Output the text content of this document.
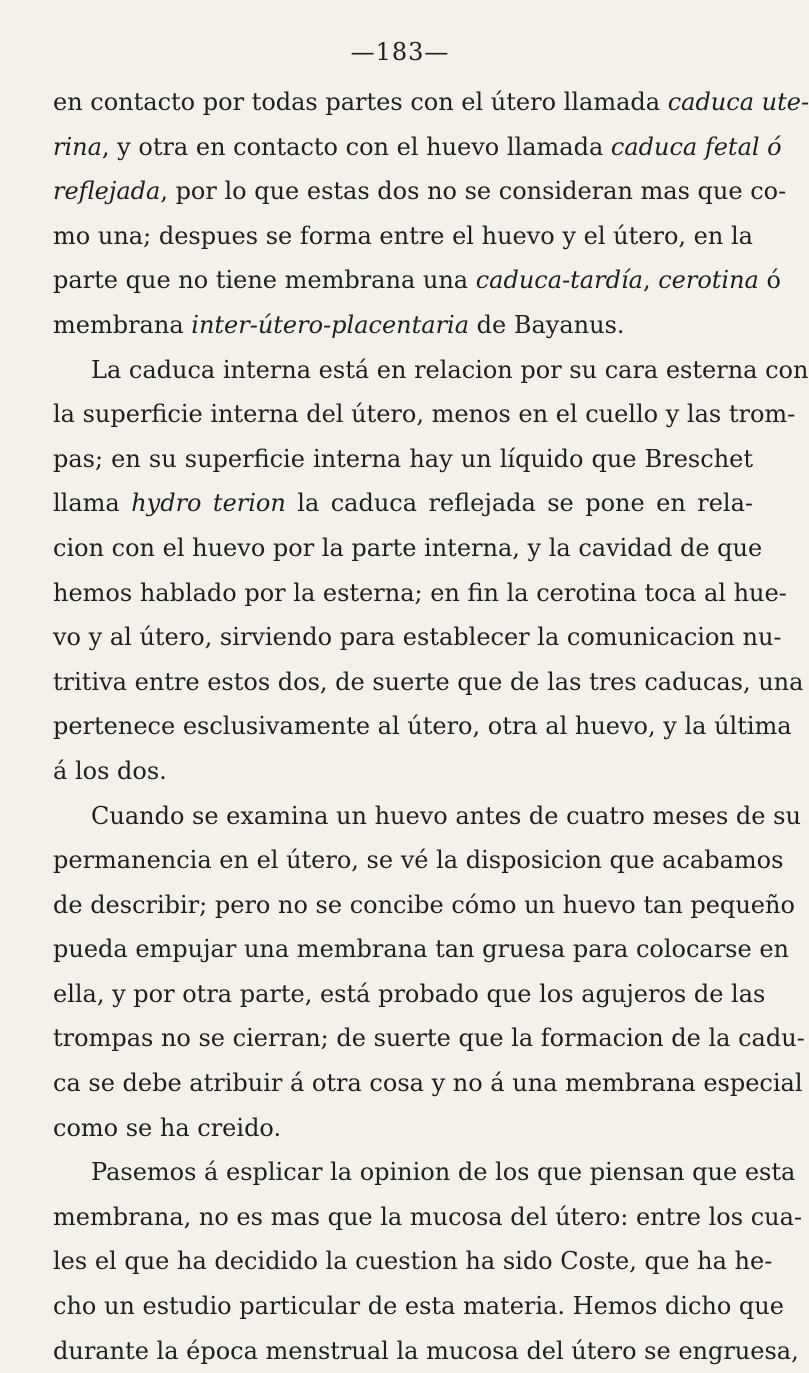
—183—
en contacto por todas partes con el útero llamada caduca ute-
rina, y otra en contacto con el huevo llamada caduca fetal ó
reflejada, por lo que estas dos no se consideran mas que co-
mo una; despues se forma entre el huevo y el útero, en la
parte que no tiene membrana una caduca-tardía, cerotina ó
membrana inter-útero-placentaria de Bayanus.
La caduca interna está en relacion por su cara esterna con
la superficie interna del útero, menos en el cuello y las trom-
pas; en su superficie interna hay un líquido que Breschet
llama hydro terion la caduca reflejada se pone en rela-
cion con el huevo por la parte interna, y la cavidad de que
hemos hablado por la esterna; en fin la cerotina toca al hue-
vo y al útero, sirviendo para establecer la comunicacion nu-
tritiva entre estos dos, de suerte que de las tres caducas, una
pertenece esclusivamente al útero, otra al huevo, y la última
á los dos.
Cuando se examina un huevo antes de cuatro meses de su
permanencia en el útero, se vé la disposicion que acabamos
de describir; pero no se concibe cómo un huevo tan pequeño
pueda empujar una membrana tan gruesa para colocarse en
ella, y por otra parte, está probado que los agujeros de las
trompas no se cierran; de suerte que la formacion de la cadu-
ca se debe atribuir á otra cosa y no á una membrana especial
como se ha creido.
Pasemos á esplicar la opinion de los que piensan que esta
membrana, no es mas que la mucosa del útero: entre los cua-
les el que ha decidido la cuestion ha sido Coste, que ha he-
cho un estudio particular de esta materia. Hemos dicho que
durante la época menstrual la mucosa del útero se engruesa,
